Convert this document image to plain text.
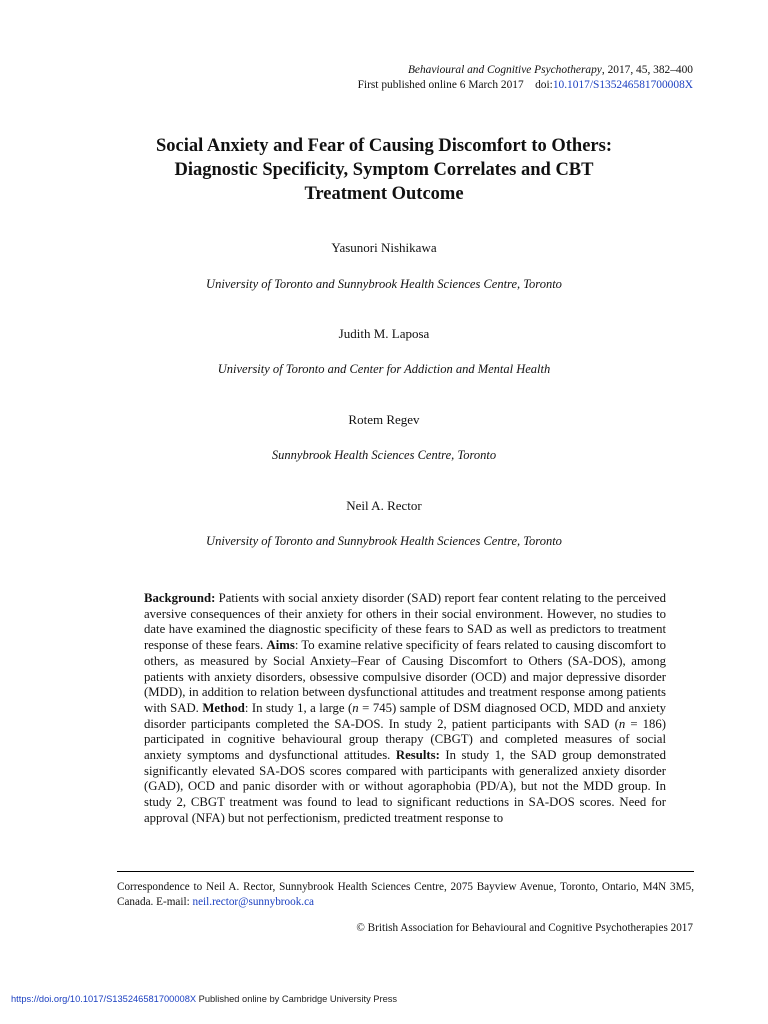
Behavioural and Cognitive Psychotherapy, 2017, 45, 382–400
First published online 6 March 2017 doi:10.1017/S135246581700008X
Social Anxiety and Fear of Causing Discomfort to Others:
Diagnostic Specificity, Symptom Correlates and CBT
Treatment Outcome
Yasunori Nishikawa
University of Toronto and Sunnybrook Health Sciences Centre, Toronto
Judith M. Laposa
University of Toronto and Center for Addiction and Mental Health
Rotem Regev
Sunnybrook Health Sciences Centre, Toronto
Neil A. Rector
University of Toronto and Sunnybrook Health Sciences Centre, Toronto

Background: Patients with social anxiety disorder (SAD) report fear content relating to the perceived aversive consequences of their anxiety for others in their social environment. However, no studies to date have examined the diagnostic specificity of these fears to SAD as well as predictors to treatment response of these fears. Aims: To examine relative specificity of fears related to causing discomfort to others, as measured by Social Anxiety–Fear of Causing Discomfort to Others (SA-DOS), among patients with anxiety disorders, obsessive compulsive disorder (OCD) and major depressive disorder (MDD), in addition to relation between dysfunctional attitudes and treatment response among patients with SAD. Method: In study 1, a large (n = 745) sample of DSM diagnosed OCD, MDD and anxiety disorder participants completed the SA-DOS. In study 2, patient participants with SAD (n = 186) participated in cognitive behavioural group therapy (CBGT) and completed measures of social anxiety symptoms and dysfunctional attitudes. Results: In study 1, the SAD group demonstrated significantly elevated SA-DOS scores compared with participants with generalized anxiety disorder (GAD), OCD and panic disorder with or without agoraphobia (PD/A), but not the MDD group. In study 2, CBGT treatment was found to lead to significant reductions in SA-DOS scores. Need for approval (NFA) but not perfectionism, predicted treatment response to

Correspondence to Neil A. Rector, Sunnybrook Health Sciences Centre, 2075 Bayview Avenue, Toronto, Ontario, M4N 3M5, Canada. E-mail: neil.rector@sunnybrook.ca

© British Association for Behavioural and Cognitive Psychotherapies 2017
https://doi.org/10.1017/S135246581700008X Published online by Cambridge University Press
